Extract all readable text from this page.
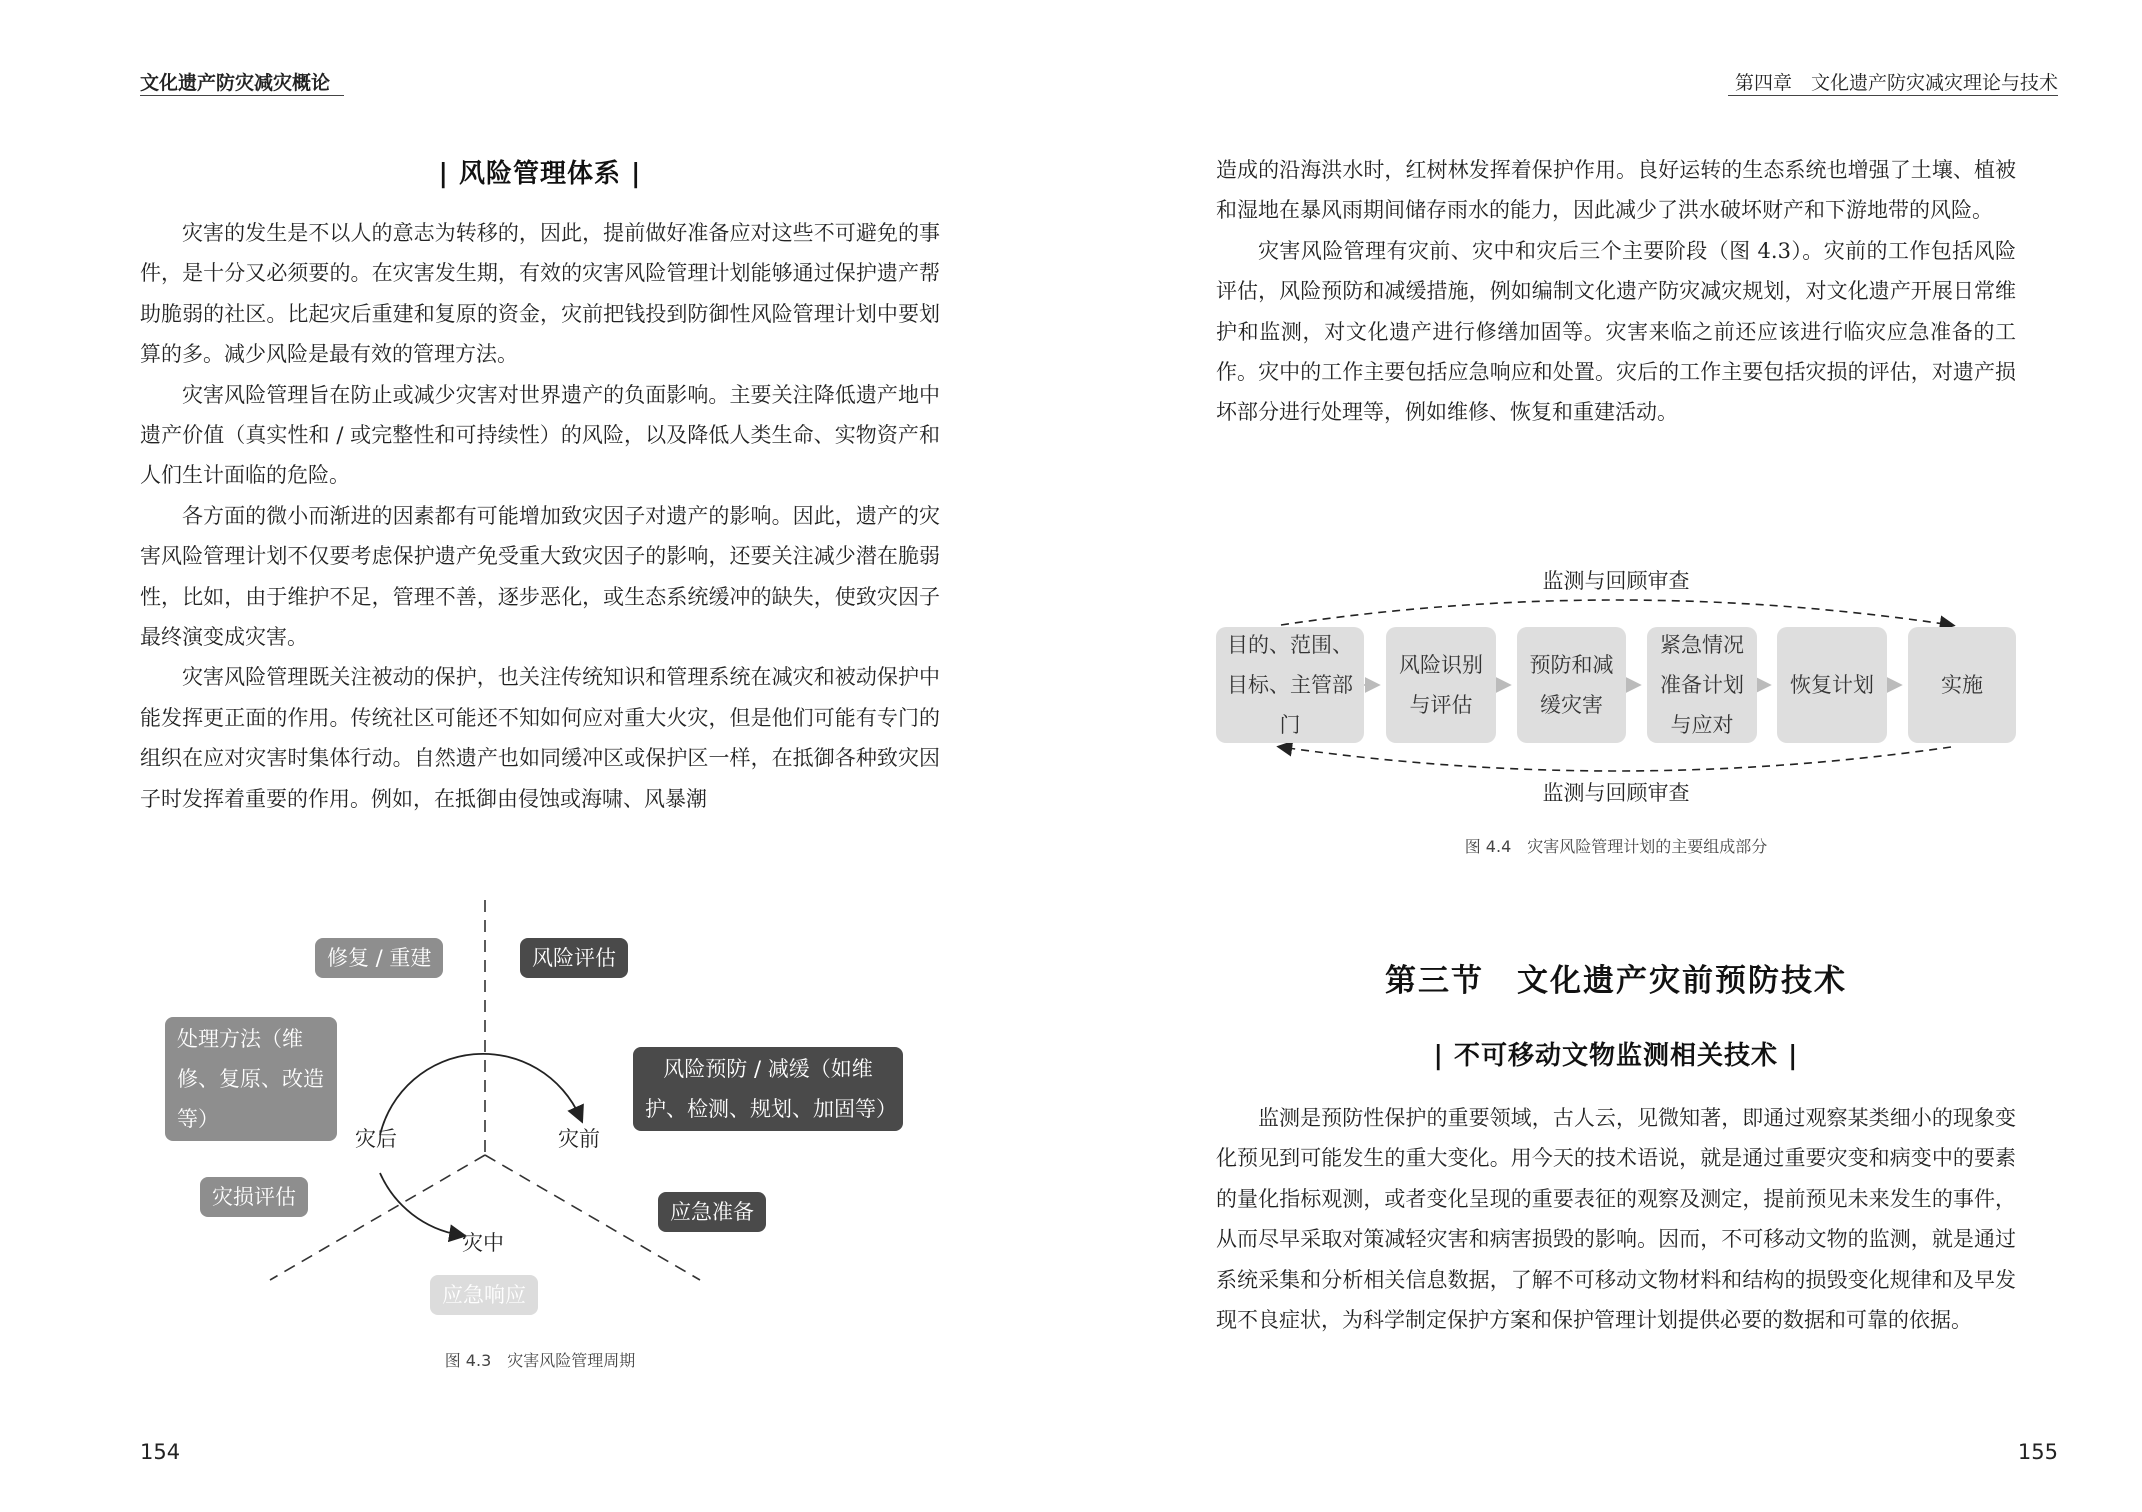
文化遗产防灾减灾概论
| 风险管理体系 |

灾害的发生是不以人的意志为转移的，因此，提前做好准备应对这些不可避免的事件，是十分又必须要的。在灾害发生期，有效的灾害风险管理计划能够通过保护遗产帮助脆弱的社区。比起灾后重建和复原的资金，灾前把钱投到防御性风险管理计划中要划算的多。减少风险是最有效的管理方法。

灾害风险管理旨在防止或减少灾害对世界遗产的负面影响。主要关注降低遗产地中遗产价值（真实性和 / 或完整性和可持续性）的风险，以及降低人类生命、实物资产和人们生计面临的危险。

各方面的微小而渐进的因素都有可能增加致灾因子对遗产的影响。因此，遗产的灾害风险管理计划不仅要考虑保护遗产免受重大致灾因子的影响，还要关注减少潜在脆弱性，比如，由于维护不足，管理不善，逐步恶化，或生态系统缓冲的缺失，使致灾因子最终演变成灾害。

灾害风险管理既关注被动的保护，也关注传统知识和管理系统在减灾和被动保护中能发挥更正面的作用。传统社区可能还不知如何应对重大火灾，但是他们可能有专门的组织在应对灾害时集体行动。自然遗产也如同缓冲区或保护区一样，在抵御各种致灾因子时发挥着重要的作用。例如，在抵御由侵蚀或海啸、风暴潮

修复 / 重建	风险评估
处理方法（维修、复原、改造等）
风险预防 / 减缓（如维护、检测、规划、加固等）
灾后	灾前
灾损评估
应急准备
灾中
应急响应
图 4.3　灾害风险管理周期
154
第四章　文化遗产防灾减灾理论与技术

造成的沿海洪水时，红树林发挥着保护作用。良好运转的生态系统也增强了土壤、植被和湿地在暴风雨期间储存雨水的能力，因此减少了洪水破坏财产和下游地带的风险。

灾害风险管理有灾前、灾中和灾后三个主要阶段（图 4.3）。灾前的工作包括风险评估，风险预防和减缓措施，例如编制文化遗产防灾减灾规划，对文化遗产开展日常维护和监测，对文化遗产进行修缮加固等。灾害来临之前还应该进行临灾应急准备的工作。灾中的工作主要包括应急响应和处置。灾后的工作主要包括灾损的评估，对遗产损坏部分进行处理等，例如维修、恢复和重建活动。

监测与回顾审查
目的、范围、目标、主管部门
风险识别与评估
预防和减缓灾害
紧急情况准备计划与应对
恢复计划	实施
监测与回顾审查
图 4.4　灾害风险管理计划的主要组成部分
第三节　文化遗产灾前预防技术
| 不可移动文物监测相关技术 |

监测是预防性保护的重要领域，古人云，见微知著，即通过观察某类细小的现象变化预见到可能发生的重大变化。用今天的技术语说，就是通过重要灾变和病变中的要素的量化指标观测，或者变化呈现的重要表征的观察及测定，提前预见未来发生的事件，从而尽早采取对策减轻灾害和病害损毁的影响。因而，不可移动文物的监测，就是通过系统采集和分析相关信息数据，了解不可移动文物材料和结构的损毁变化规律和及早发现不良症状，为科学制定保护方案和保护管理计划提供必要的数据和可靠的依据。

155
